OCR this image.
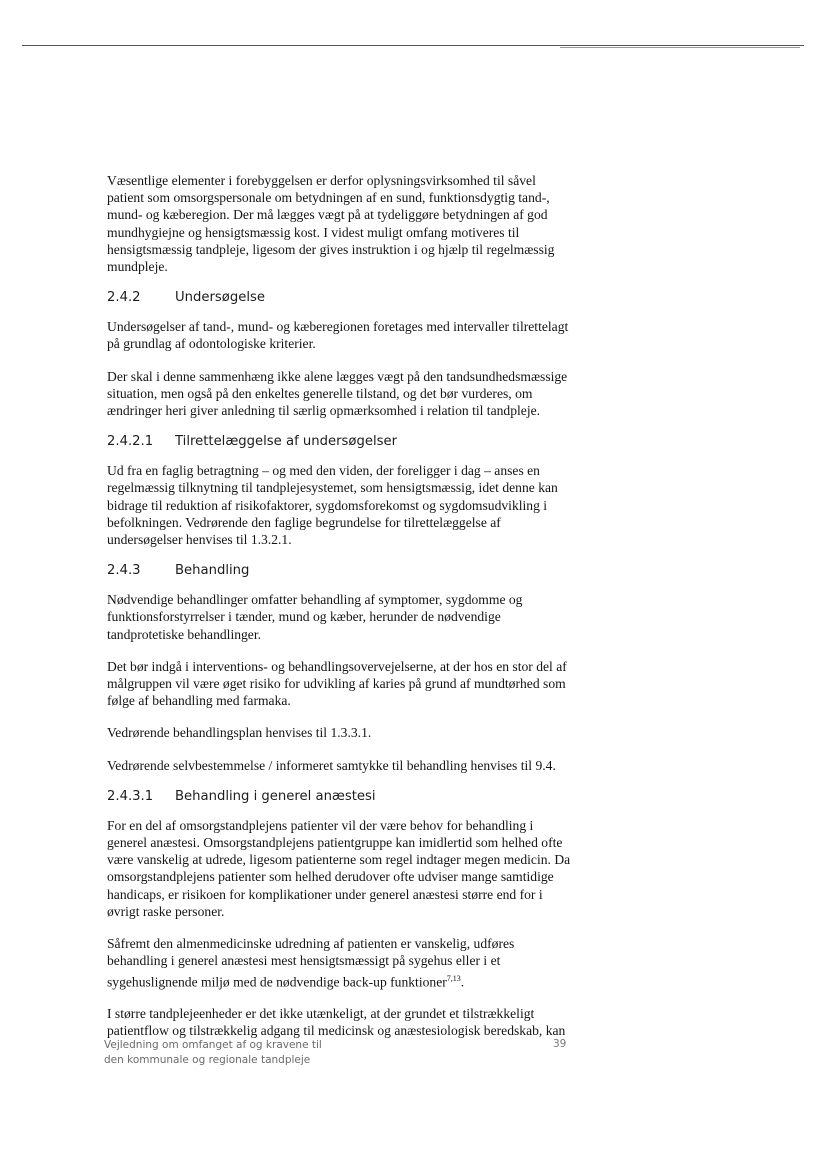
Væsentlige elementer i forebyggelsen er derfor oplysningsvirksomhed til såvel patient som omsorgspersonale om betydningen af en sund, funktionsdygtig tand-, mund- og kæberegion. Der må lægges vægt på at tydeliggøre betydningen af god mundhygiejne og hensigtsmæssig kost. I videst muligt omfang motiveres til hensigtsmæssig tandpleje, ligesom der gives instruktion i og hjælp til regelmæssig mundpleje.

2.4.2	Undersøgelse

Undersøgelser af tand-, mund- og kæberegionen foretages med intervaller tilrettelagt på grundlag af odontologiske kriterier.

Der skal i denne sammenhæng ikke alene lægges vægt på den tandsundhedsmæssige situation, men også på den enkeltes generelle tilstand, og det bør vurderes, om ændringer heri giver anledning til særlig opmærksomhed i relation til tandpleje.

2.4.2.1 Tilrettelæggelse af undersøgelser

Ud fra en faglig betragtning – og med den viden, der foreligger i dag – anses en regelmæssig tilknytning til tandplejesystemet, som hensigtsmæssig, idet denne kan bidrage til reduktion af risikofaktorer, sygdomsforekomst og sygdomsudvikling i befolkningen. Vedrørende den faglige begrundelse for tilrettelæggelse af undersøgelser henvises til 1.3.2.1.

2.4.3	Behandling

Nødvendige behandlinger omfatter behandling af symptomer, sygdomme og funktionsforstyrrelser i tænder, mund og kæber, herunder de nødvendige tandprotetiske behandlinger.

Det bør indgå i interventions- og behandlingsovervejelserne, at der hos en stor del af målgruppen vil være øget risiko for udvikling af karies på grund af mundtørhed som følge af behandling med farmaka.

Vedrørende behandlingsplan henvises til 1.3.3.1.

Vedrørende selvbestemmelse / informeret samtykke til behandling henvises til 9.4.

2.4.3.1 Behandling i generel anæstesi

For en del af omsorgstandplejens patienter vil der være behov for behandling i generel anæstesi. Omsorgstandplejens patientgruppe kan imidlertid som helhed ofte være vanskelig at udrede, ligesom patienterne som regel indtager megen medicin. Da omsorgstandplejens patienter som helhed derudover ofte udviser mange samtidige handicaps, er risikoen for komplikationer under generel anæstesi større end for i øvrigt raske personer.

Såfremt den almenmedicinske udredning af patienten er vanskelig, udføres behandling i generel anæstesi mest hensigtsmæssigt på sygehus eller i et sygehuslignende miljø med de nødvendige back-up funktioner$^{7,13}$.

I større tandplejeenheder er det ikke utænkeligt, at der grundet et tilstrækkeligt patientflow og tilstrækkelig adgang til medicinsk og anæstesiologisk beredskab, kan

Vejledning om omfanget af og kravene til
den kommunale og regionale tandpleje
39
